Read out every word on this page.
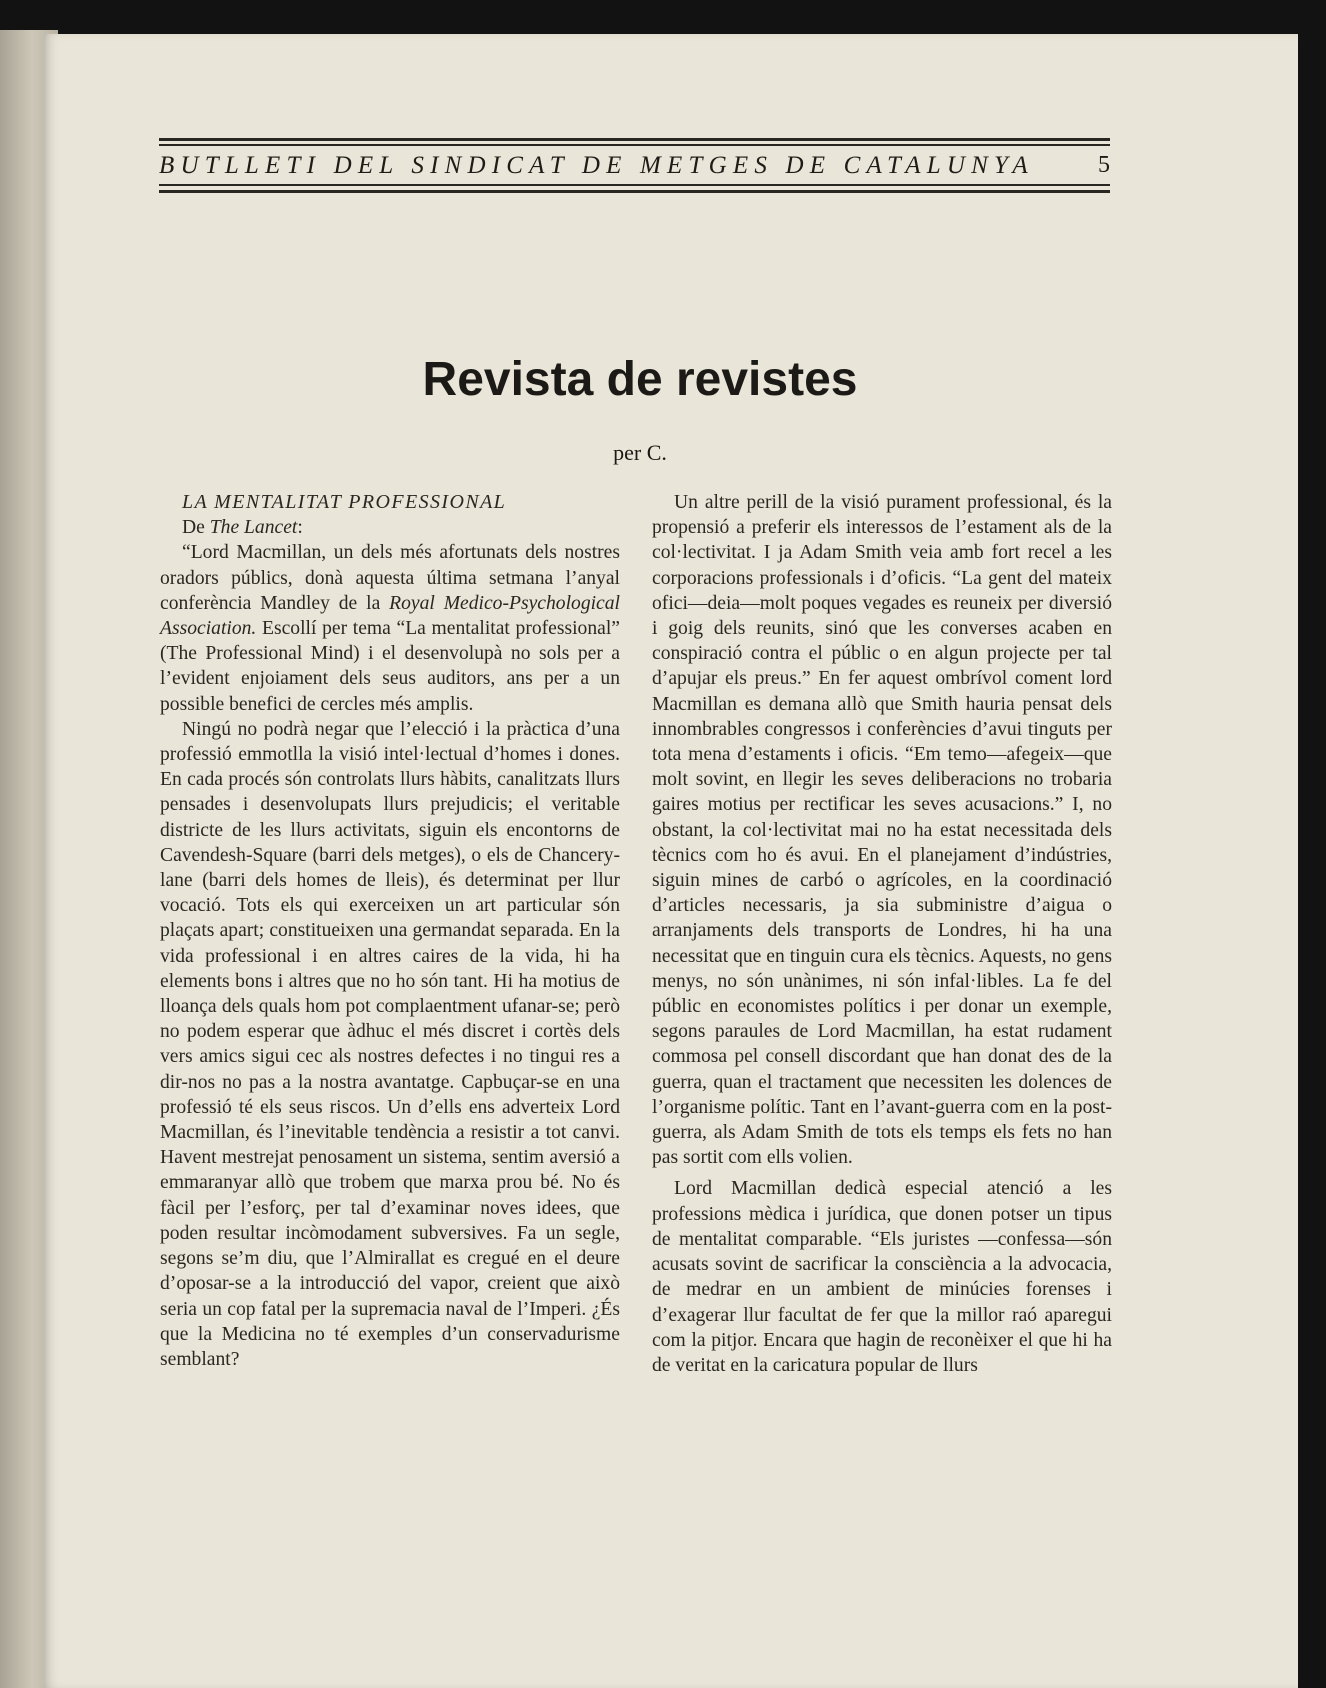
BUTLLETI DEL SINDICAT DE METGES DE CATALUNYA	5
Revista de revistes
per C.

LA MENTALITAT PROFESSIONAL

De The Lancet:

“Lord Macmillan, un dels més afortunats dels nostres oradors públics, donà aquesta última setmana l’anyal conferència Mandley de la Royal Medico-Psychological Association. Escollí per tema “La mentalitat professional” (The Professional Mind) i el desenvolupà no sols per a l’evident enjoiament dels seus auditors, ans per a un possible benefici de cercles més amplis.

Ningú no podrà negar que l’elecció i la pràctica d’una professió emmotlla la visió intel·lectual d’homes i dones. En cada procés són controlats llurs hàbits, canalitzats llurs pensades i desenvolupats llurs prejudicis; el veritable districte de les llurs activitats, siguin els encontorns de Cavendesh-Square (barri dels metges), o els de Chancery-lane (barri dels homes de lleis), és determinat per llur vocació. Tots els qui exerceixen un art particular són plaçats apart; constitueixen una germandat separada. En la vida professional i en altres caires de la vida, hi ha elements bons i altres que no ho són tant. Hi ha motius de lloança dels quals hom pot complaentment ufanar-se; però no podem esperar que àdhuc el més discret i cortès dels vers amics sigui cec als nostres defectes i no tingui res a dir-nos no pas a la nostra avantatge. Capbuçar-se en una professió té els seus riscos. Un d’ells ens adverteix Lord Macmillan, és l’inevitable tendència a resistir a tot canvi. Havent mestrejat penosament un sistema, sentim aversió a emmaranyar allò que trobem que marxa prou bé. No és fàcil per l’esforç, per tal d’examinar noves idees, que poden resultar incòmodament subversives. Fa un segle, segons se’m diu, que l’Almirallat es cregué en el deure d’oposar-se a la introducció del vapor, creient que això seria un cop fatal per la supremacia naval de l’Imperi. ¿És que la Medicina no té exemples d’un conservadurisme semblant?

Un altre perill de la visió purament professional, és la propensió a preferir els interessos de l’estament als de la col·lectivitat. I ja Adam Smith veia amb fort recel a les corporacions professionals i d’oficis. “La gent del mateix ofici—deia—molt poques vegades es reuneix per diversió i goig dels reunits, sinó que les converses acaben en conspiració contra el públic o en algun projecte per tal d’apujar els preus.” En fer aquest ombrívol coment lord Macmillan es demana allò que Smith hauria pensat dels innombrables congressos i conferències d’avui tinguts per tota mena d’estaments i oficis. “Em temo—afegeix—que molt sovint, en llegir les seves deliberacions no trobaria gaires motius per rectificar les seves acusacions.” I, no obstant, la col·lectivitat mai no ha estat necessitada dels tècnics com ho és avui. En el planejament d’indústries, siguin mines de carbó o agrícoles, en la coordinació d’articles necessaris, ja sia subministre d’aigua o arranjaments dels transports de Londres, hi ha una necessitat que en tinguin cura els tècnics. Aquests, no gens menys, no són unànimes, ni són infal·libles. La fe del públic en economistes polítics i per donar un exemple, segons paraules de Lord Macmillan, ha estat rudament commosa pel consell discordant que han donat des de la guerra, quan el tractament que necessiten les dolences de l’organisme polític. Tant en l’avant-guerra com en la post-guerra, als Adam Smith de tots els temps els fets no han pas sortit com ells volien.

Lord Macmillan dedicà especial atenció a les professions mèdica i jurídica, que donen potser un tipus de mentalitat comparable. “Els juristes —confessa—són acusats sovint de sacrificar la consciència a la advocacia, de medrar en un ambient de minúcies forenses i d’exagerar llur facultat de fer que la millor raó aparegui com la pitjor. Encara que hagin de reconèixer el que hi ha de veritat en la caricatura popular de llurs
